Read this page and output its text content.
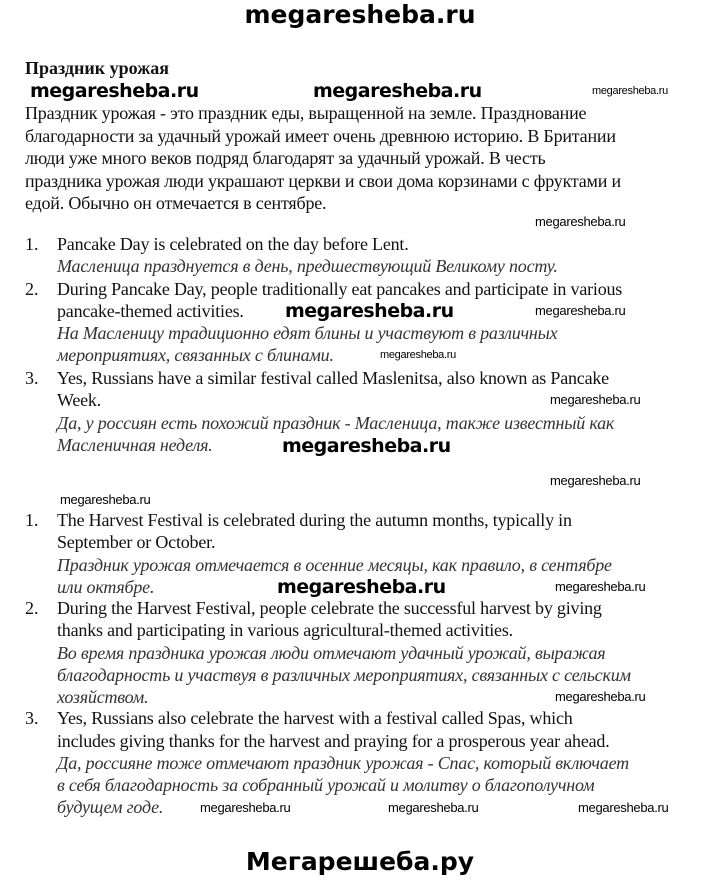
megaresheba.ru
Праздник урожая
megaresheba.ru	megaresheba.ru	megaresheba.ru
Праздник урожая - это праздник еды, выращенной на земле. Празднование
благодарности за удачный урожай имеет очень древнюю историю. В Британии
люди уже много веков подряд благодарят за удачный урожай. В честь
праздника урожая люди украшают церкви и свои дома корзинами с фруктами и
едой. Обычно он отмечается в сентябре.
megaresheba.ru
1. Pancake Day is celebrated on the day before Lent.
Масленица празднуется в день, предшествующий Великому посту.
2. During Pancake Day, people traditionally eat pancakes and participate in various
pancake-themed activities. megaresheba.ru	megaresheba.ru
На Масленицу традиционно едят блины и участвуют в различных
мероприятиях, связанных с блинами.	megaresheba.ru
3. Yes, Russians have a similar festival called Maslenitsa, also known as Pancake
Week.	megaresheba.ru
Да, у россиян есть похожий праздник - Масленица, также известный как
Масленичная неделя.	megaresheba.ru
megaresheba.ru
megaresheba.ru
1. The Harvest Festival is celebrated during the autumn months, typically in
September or October.
Праздник урожая отмечается в осенние месяцы, как правило, в сентябре
или октябре.	megaresheba.ru	megaresheba.ru
2. During the Harvest Festival, people celebrate the successful harvest by giving
thanks and participating in various agricultural-themed activities.
Во время праздника урожая люди отмечают удачный урожай, выражая
благодарность и участвуя в различных мероприятиях, связанных с сельским
хозяйством.	megaresheba.ru
3. Yes, Russians also celebrate the harvest with a festival called Spas, which
includes giving thanks for the harvest and praying for a prosperous year ahead.
Да, россияне тоже отмечают праздник урожая - Спас, который включает
в себя благодарность за собранный урожай и молитву о благополучном
будущем годе.	megaresheba.ru	megaresheba.ru	megaresheba.ru
Мегарешеба.ру
